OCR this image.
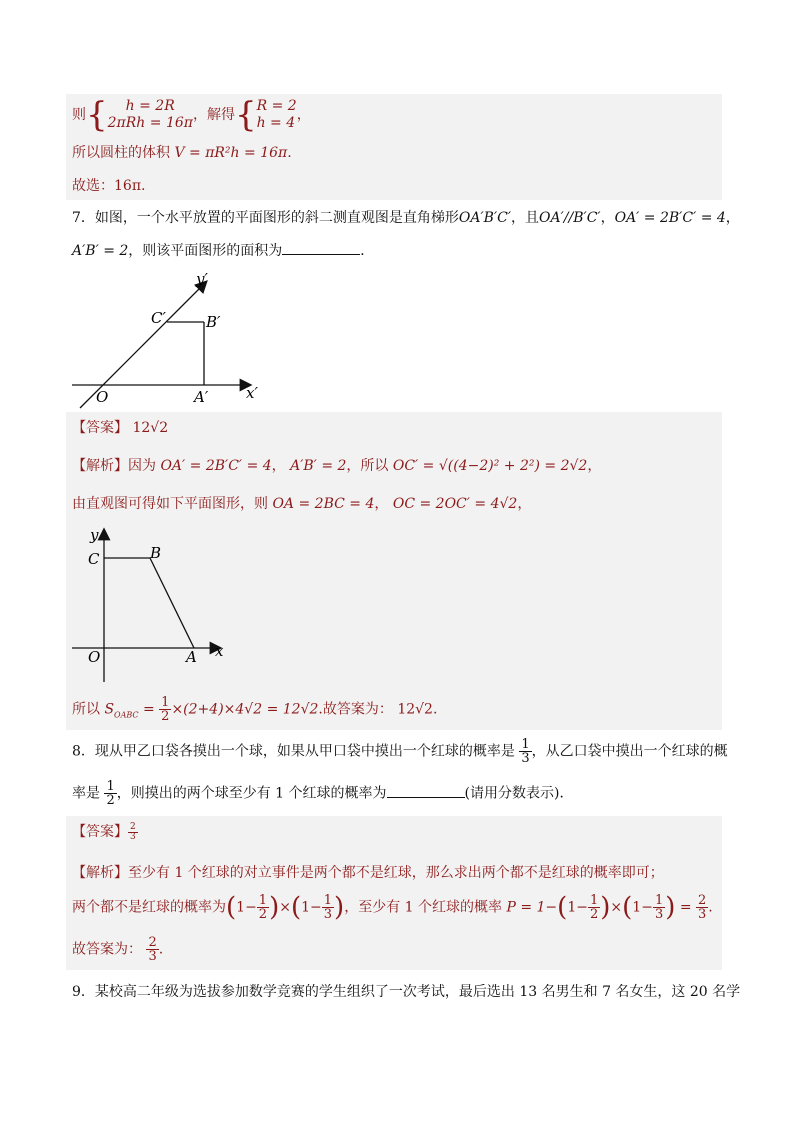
则{	h = 2R
2πRh = 16π ，解得{ R = 2
h = 4 ，
所以圆柱的体积 V = πR²h = 16π.
故选：16π.
7．如图，一个水平放置的平面图形的斜二测直观图是直角梯形OA′B′C′，且OA′//B′C′，OA′ = 2B′C′ = 4，
A′B′ = 2，则该平面图形的面积为	．
y′
C′	B′
O	A′	x′
【答案】 12√2
【解析】因为 OA′ = 2B′C′ = 4， A′B′ = 2，所以 OC′ = √((4−2)² + 2²) = 2√2，
由直观图可得如下平面图形，则 OA = 2BC = 4， OC = 2OC′ = 4√2，
y
C	B
O	A x
所以 $S_{OABC} = \frac{1}{2} \times(2+4)\times 4√2 = 12√2$.故答案为： 12√2.
8．现从甲乙口袋各摸出一个球，如果从甲口袋中摸出一个红球的概率是 $\frac{1}{3}$ ，从乙口袋中摸出一个红球的概
率是 $\frac{1}{2}$ ，则摸出的两个球至少有 1 个红球的概率为	(请用分数表示)．
【答案】 $\frac{2}{3}$
【解析】至少有 1 个红球的对立事件是两个都不是红球，那么求出两个都不是红球的概率即可；
两个都不是红球的概率为$(1- \frac{1}{2} )\times(1- \frac{1}{3}$ )，至少有 1 个红球的概率 $P = 1-(1- \frac{1}{2} )\times(1- \frac{1}{3}$ ) = $\frac{2}{3}$ .
故答案为： $\frac{2}{3}$ .
9．某校高二年级为选拔参加数学竞赛的学生组织了一次考试，最后选出 13 名男生和 7 名女生，这 20 名学
